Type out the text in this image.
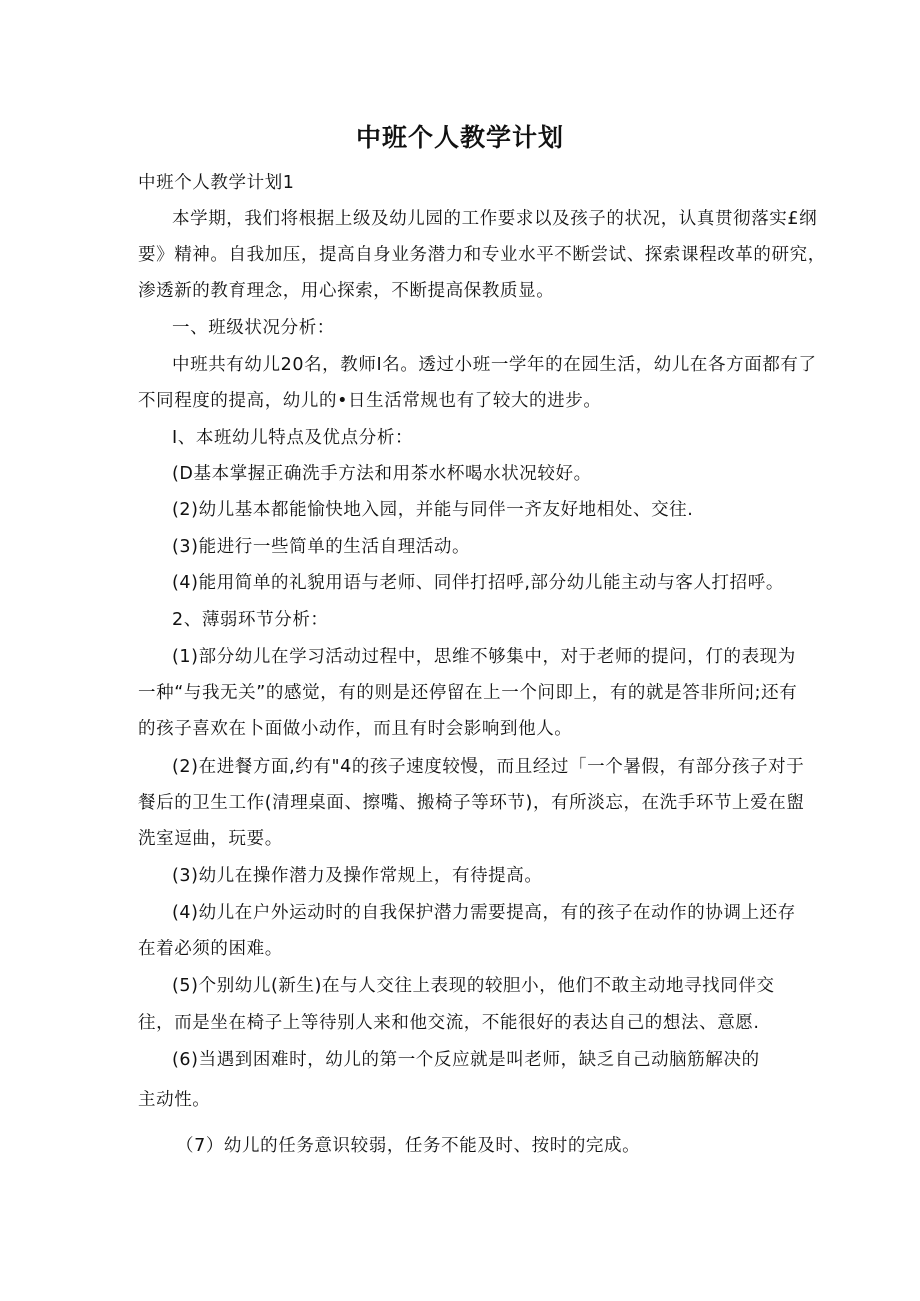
中班个人教学计划
中班个人教学计划1
本学期，我们将根据上级及幼儿园的工作要求以及孩子的状况，认真贯彻落实£纲
要》精神。自我加压，提高自身业务潜力和专业水平不断尝试、探索课程改革的研究，
渗透新的教育理念，用心探索，不断提高保教质显。
一、班级状况分析：
中班共有幼儿20名，教师I名。透过小班一学年的在园生活，幼儿在各方面都有了
不同程度的提高，幼儿的•日生活常规也有了较大的进步。
I、本班幼儿特点及优点分析：
(D基本掌握正确洗手方法和用茶水杯喝水状况较好。
(2)幼儿基本都能愉快地入园，并能与同伴一齐友好地相处、交往.
(3)能进行一些简单的生活自理活动。
(4)能用简单的礼貌用语与老师、同伴打招呼,部分幼儿能主动与客人打招呼。
2、薄弱环节分析：
(1)部分幼儿在学习活动过程中，思维不够集中，对于老师的提问，仃的表现为
一种“与我无关”的感觉，有的则是还停留在上一个问即上，有的就是答非所问;还有
的孩子喜欢在卜面做小动作，而且有时会影响到他人。
(2)在进餐方面,约有"4的孩子速度较慢，而且经过「一个暑假，有部分孩子对于
餐后的卫生工作(清理桌面、擦嘴、搬椅子等环节)，有所淡忘，在洗手环节上爱在盥
洗室逗曲，玩要。
(3)幼儿在操作潜力及操作常规上，有待提高。
(4)幼儿在户外运动时的自我保护潜力需要提高，有的孩子在动作的协调上还存
在着必须的困难。
(5)个别幼儿(新生)在与人交往上表现的较胆小，他们不敢主动地寻找同伴交
往，而是坐在椅子上等待别人来和他交流，不能很好的表达自己的想法、意愿.
(6)当遇到困难时，幼儿的第一个反应就是叫老师，缺乏自己动脑筋解决的
主动性。
（7）幼儿的任务意识较弱，任务不能及时、按时的完成。
